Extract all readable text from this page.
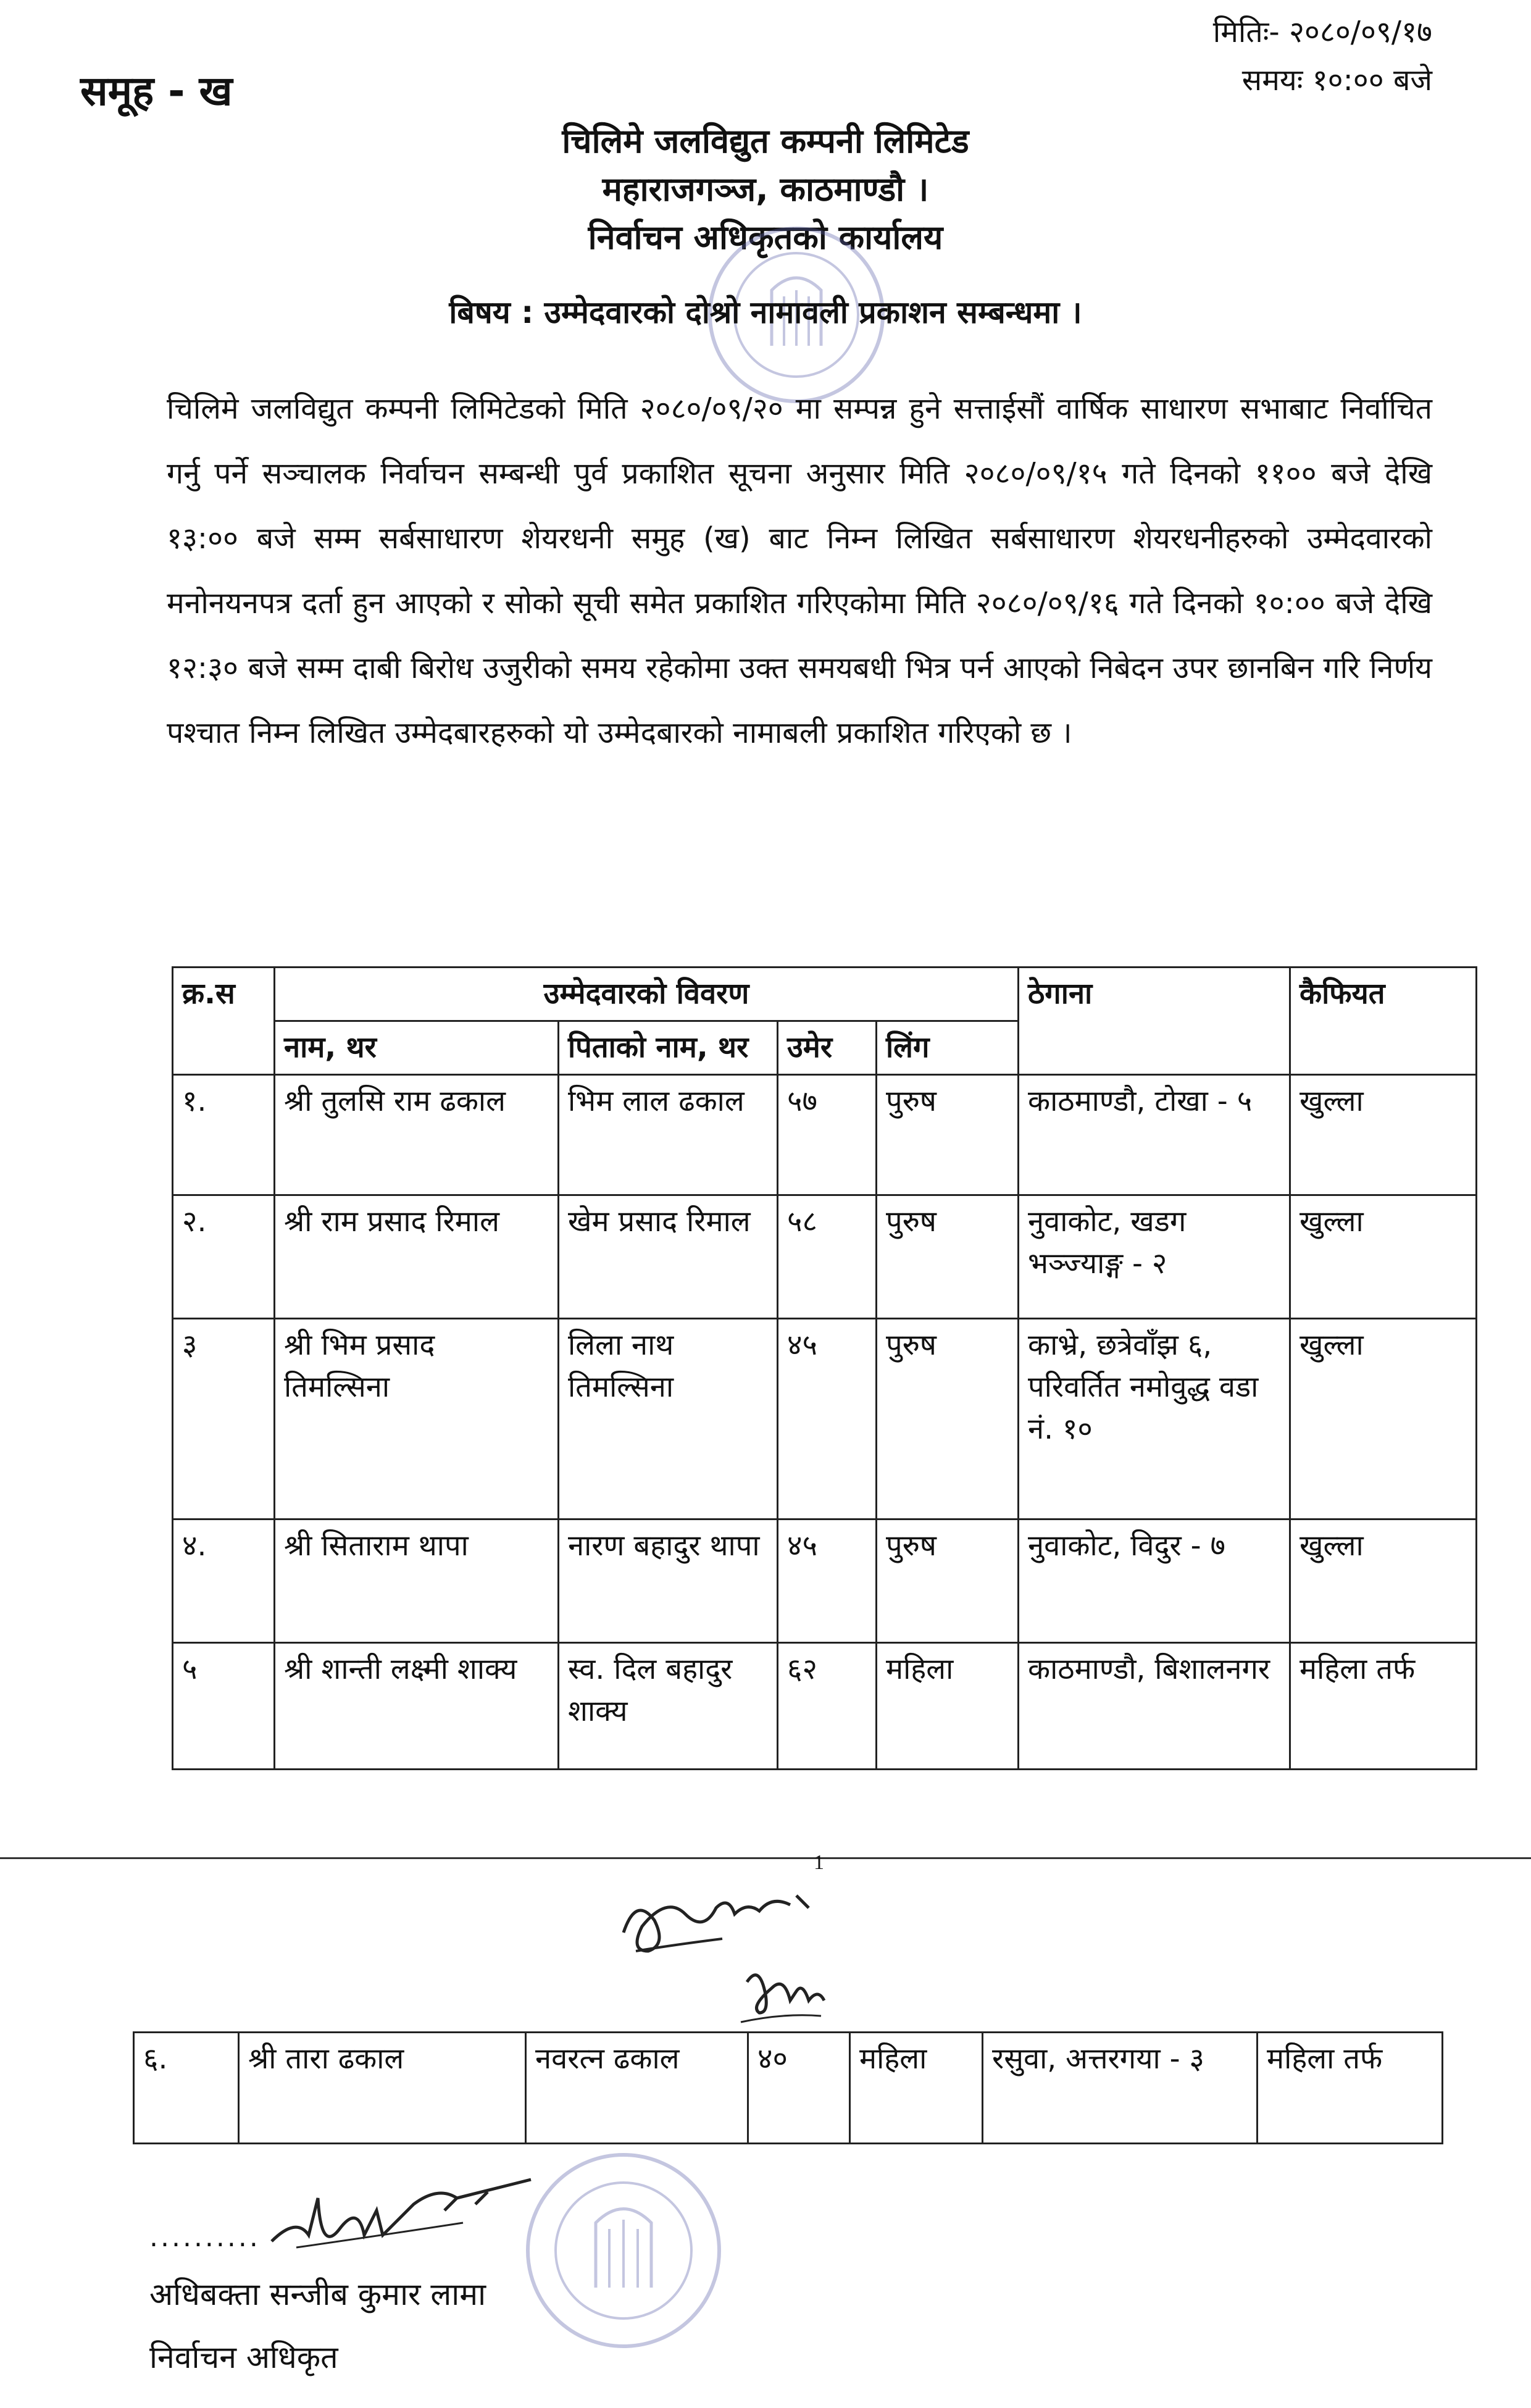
मितिः- २०८०/०९/१७
समयः १०:०० बजे
समूह - ख
चिलिमे जलविद्युत कम्पनी लिमिटेड
महाराजगञ्ज, काठमाण्डौ ।
निर्वाचन अधिकृतको कार्यालय
बिषय : उम्मेदवारको दोश्रो नामावली प्रकाशन सम्बन्धमा ।
चिलिमे जलविद्युत कम्पनी लिमिटेडको मिति २०८०/०९/२० मा सम्पन्न हुने सत्ताईसौं वार्षिक साधारण सभाबाट निर्वाचित गर्नु पर्ने सञ्चालक निर्वाचन सम्बन्धी पुर्व प्रकाशित सूचना अनुसार मिति २०८०/०९/१५ गते दिनको ११०० बजे देखि १३:०० बजे सम्म सर्बसाधारण शेयरधनी समुह (ख) बाट निम्न लिखित सर्बसाधारण शेयरधनीहरुको उम्मेदवारको मनोनयनपत्र दर्ता हुन आएको र सोको सूची समेत प्रकाशित गरिएकोमा मिति २०८०/०९/१६ गते दिनको १०:०० बजे देखि १२:३० बजे सम्म दाबी बिरोध उजुरीको समय रहेकोमा उक्त समयबधी भित्र पर्न आएको निबेदन उपर छानबिन गरि निर्णय पश्चात निम्न लिखित उम्मेदबारहरुको यो उम्मेदबारको नामाबली प्रकाशित गरिएको छ ।
क्र.स	उम्मेदवारको विवरण				ठेगाना	कैफियत
	नाम, थर	पिताको नाम, थर	उमेर	लिंग		
१.	श्री तुलसि राम ढकाल	भिम लाल ढकाल	५७	पुरुष	काठमाण्डौ, टोखा - ५	खुल्ला
२.	श्री राम प्रसाद रिमाल	खेम प्रसाद रिमाल	५८	पुरुष	नुवाकोट, खडग भञ्ज्याङ्ग - २	खुल्ला
३	श्री भिम प्रसाद तिमल्सिना	लिला नाथ तिमल्सिना	४५	पुरुष	काभ्रे, छत्रेवाँझ ६, परिवर्तित नमोवुद्ध वडा नं. १०	खुल्ला
४.	श्री सिताराम थापा	नारण बहादुर थापा	४५	पुरुष	नुवाकोट, विदुर - ७	खुल्ला
५	श्री शान्ती लक्ष्मी शाक्य	स्व. दिल बहादुर शाक्य	६२	महिला	काठमाण्डौ, बिशालनगर	महिला तर्फ
1
६.	श्री तारा ढकाल	नवरत्न ढकाल	४०	महिला	रसुवा, अत्तरगया - ३	महिला तर्फ
..........
अधिबक्ता सन्जीब कुमार लामा
निर्वाचन अधिकृत
